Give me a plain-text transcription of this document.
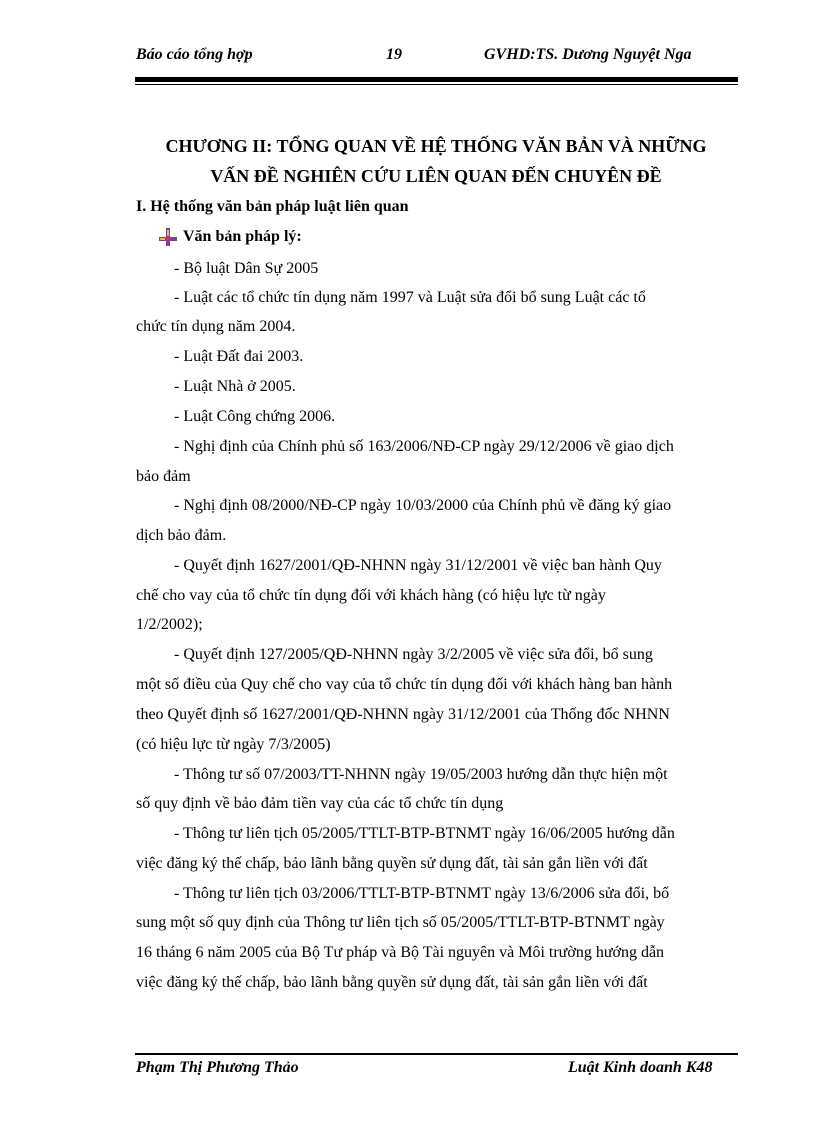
Báo cáo tổng hợp	19	GVHD:TS. Dương Nguyệt Nga
CHƯƠNG II: TỔNG QUAN VỀ HỆ THỐNG VĂN BẢN VÀ NHỮNG
VẤN ĐỀ NGHIÊN CỨU LIÊN QUAN ĐẾN CHUYÊN ĐỀ
I. Hệ thống văn bản pháp luật liên quan
Văn bản pháp lý:
- Bộ luật Dân Sự 2005
- Luật các tổ chức tín dụng năm 1997 và Luật sửa đổi bổ sung Luật các tổ
chức tín dụng năm 2004.
- Luật Đất đai 2003.
- Luật Nhà ở 2005.
- Luật Công chứng 2006.
- Nghị định của Chính phủ số 163/2006/NĐ-CP ngày 29/12/2006 về giao dịch
bảo đảm
- Nghị định 08/2000/NĐ-CP ngày 10/03/2000 của Chính phủ về đăng ký giao
dịch bảo đảm.
- Quyết định 1627/2001/QĐ-NHNN ngày 31/12/2001 về việc ban hành Quy
chế cho vay của tổ chức tín dụng đối với khách hàng (có hiệu lực từ ngày
1/2/2002);
- Quyết định 127/2005/QĐ-NHNN ngày 3/2/2005 về việc sửa đổi, bổ sung
một số điều của Quy chế cho vay của tổ chức tín dụng đối với khách hàng ban hành
theo Quyết định số 1627/2001/QĐ-NHNN ngày 31/12/2001 của Thống đốc NHNN
(có hiệu lực từ ngày 7/3/2005)
- Thông tư số 07/2003/TT-NHNN ngày 19/05/2003 hướng dẫn thực hiện một
số quy định về bảo đảm tiền vay của các tổ chức tín dụng
- Thông tư liên tịch 05/2005/TTLT-BTP-BTNMT ngày 16/06/2005 hướng dẫn
việc đăng ký thế chấp, bảo lãnh bằng quyền sử dụng đất, tài sản gắn liền với đất
- Thông tư liên tịch 03/2006/TTLT-BTP-BTNMT ngày 13/6/2006 sửa đổi, bổ
sung một số quy định của Thông tư liên tịch số 05/2005/TTLT-BTP-BTNMT ngày
16 tháng 6 năm 2005 của Bộ Tư pháp và Bộ Tài nguyên và Môi trường hướng dẫn
việc đăng ký thế chấp, bảo lãnh bằng quyền sử dụng đất, tài sản gắn liền với đất
Phạm Thị Phương Thảo	Luật Kinh doanh K48
